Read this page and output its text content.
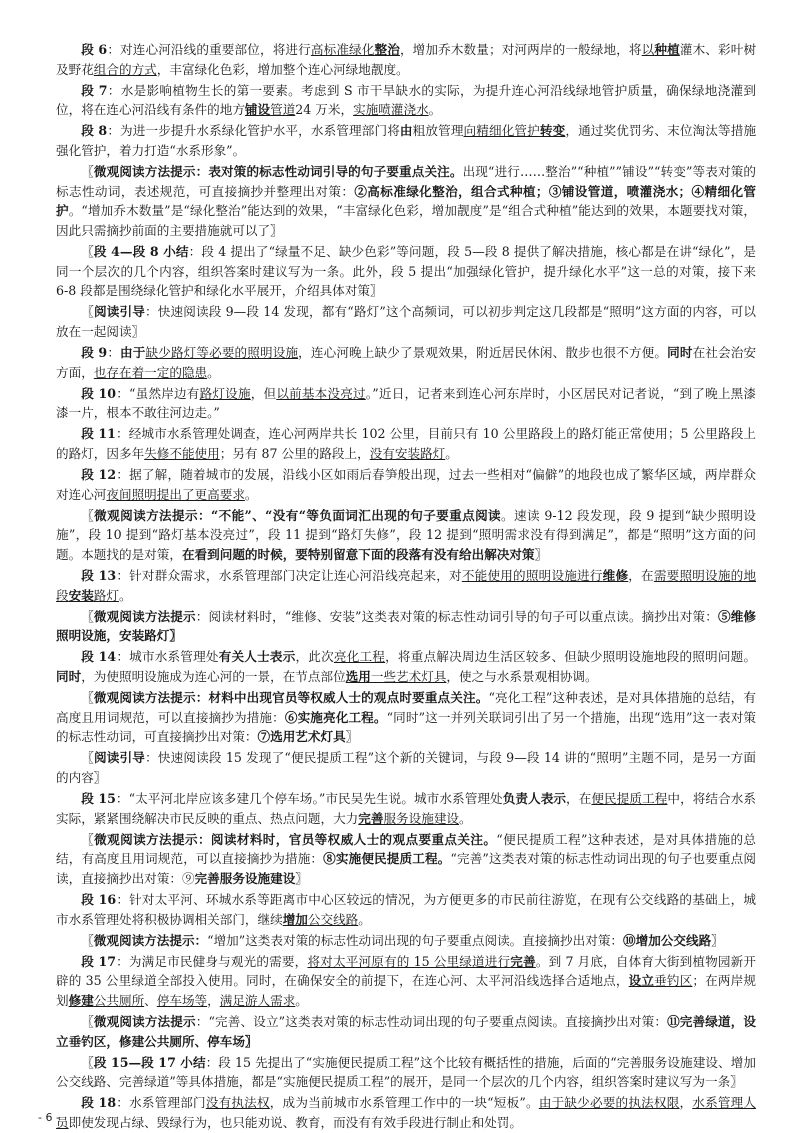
段 6：对连心河沿线的重要部位，将进行高标准绿化整治，增加乔木数量；对河两岸的一般绿地，将以种植灌木、彩叶树及野花组合的方式，丰富绿化色彩，增加整个连心河绿地靓度。

段 7：水是影响植物生长的第一要素。考虑到 S 市干旱缺水的实际，为提升连心河沿线绿地管护质量，确保绿地浇灌到位，将在连心河沿线有条件的地方铺设管道24 万米，实施喷灌浇水。

段 8：为进一步提升水系绿化管护水平，水系管理部门将由粗放管理向精细化管护转变，通过奖优罚劣、末位淘汰等措施强化管护，着力打造“水系形象”。

〖微观阅读方法提示：表对策的标志性动词引导的句子要重点关注。出现“进行……整治”“种植””铺设”“转变”等表对策的标志性动词，表述规范，可直接摘抄并整理出对策：②高标准绿化整治，组合式种植；③铺设管道，喷灌浇水；④精细化管护。“增加乔木数量”是“绿化整治”能达到的效果，“丰富绿化色彩，增加靓度”是“组合式种植”能达到的效果，本题要找对策，因此只需摘抄前面的主要措施就可以了〗

〖段 4—段 8 小结：段 4 提出了“绿量不足、缺少色彩”等问题，段 5—段 8 提供了解决措施，核心都是在讲“绿化”，是同一个层次的几个内容，组织答案时建议写为一条。此外，段 5 提出“加强绿化管护，提升绿化水平”这一总的对策，接下来 6-8 段都是围绕绿化管护和绿化水平展开，介绍具体对策〗

〖阅读引导：快速阅读段 9—段 14 发现，都有“路灯”这个高频词，可以初步判定这几段都是“照明”这方面的内容，可以放在一起阅读〗

段 9：由于缺少路灯等必要的照明设施，连心河晚上缺少了景观效果，附近居民休闲、散步也很不方便。同时在社会治安方面，也存在着一定的隐患。

段 10：“虽然岸边有路灯设施，但以前基本没亮过。”近日，记者来到连心河东岸时，小区居民对记者说，“到了晚上黑漆漆一片，根本不敢往河边走。”

段 11：经城市水系管理处调查，连心河两岸共长 102 公里，目前只有 10 公里路段上的路灯能正常使用；5 公里路段上的路灯，因多年失修不能使用；另有 87 公里的路段上，没有安装路灯。

段 12：据了解，随着城市的发展，沿线小区如雨后春笋般出现，过去一些相对“偏僻”的地段也成了繁华区域，两岸群众对连心河夜间照明提出了更高要求。

〖微观阅读方法提示：“不能”、“没有“等负面词汇出现的句子要重点阅读。速读 9-12 段发现，段 9 提到“缺少照明设施”，段 10 提到“路灯基本没亮过”，段 11 提到“路灯失修”，段 12 提到“照明需求没有得到满足”，都是“照明”这方面的问题。本题找的是对策，在看到问题的时候，要特别留意下面的段落有没有给出解决对策〗

段 13：针对群众需求，水系管理部门决定让连心河沿线亮起来，对不能使用的照明设施进行维修，在需要照明设施的地段安装路灯。

〖微观阅读方法提示：阅读材料时，“维修、安装”这类表对策的标志性动词引导的句子可以重点读。摘抄出对策：⑤维修照明设施，安装路灯〗

段 14：城市水系管理处有关人士表示，此次亮化工程，将重点解决周边生活区较多、但缺少照明设施地段的照明问题。同时，为使照明设施成为连心河的一景，在节点部位选用一些艺术灯具，使之与水系景观相协调。

〖微观阅读方法提示：材料中出现官员等权威人士的观点时要重点关注。“亮化工程”这种表述，是对具体措施的总结，有高度且用词规范，可以直接摘抄为措施：⑥实施亮化工程。“同时”这一并列关联词引出了另一个措施，出现“选用”这一表对策的标志性动词，可直接摘抄出对策：⑦选用艺术灯具〗

〖阅读引导：快速阅读段 15 发现了“便民提质工程”这个新的关键词，与段 9—段 14 讲的“照明”主题不同，是另一方面的内容〗

段 15：“太平河北岸应该多建几个停车场。”市民吴先生说。城市水系管理处负责人表示，在便民提质工程中，将结合水系实际，紧紧围绕解决市民反映的重点、热点问题，大力完善服务设施建设。

〖微观阅读方法提示：阅读材料时，官员等权威人士的观点要重点关注。“便民提质工程”这种表述，是对具体措施的总结，有高度且用词规范，可以直接摘抄为措施：⑧实施便民提质工程。“完善”这类表对策的标志性动词出现的句子也要重点阅读，直接摘抄出对策：⑨完善服务设施建设〗

段 16：针对太平河、环城水系等距离市中心区较远的情况，为方便更多的市民前往游览，在现有公交线路的基础上，城市水系管理处将积极协调相关部门，继续增加公交线路。

〖微观阅读方法提示：“增加”这类表对策的标志性动词出现的句子要重点阅读。直接摘抄出对策：⑩增加公交线路〗

段 17：为满足市民健身与观光的需要，将对太平河原有的 15 公里绿道进行完善。到 7 月底，自体育大街到植物园新开辟的 35 公里绿道全部投入使用。同时，在确保安全的前提下，在连心河、太平河沿线选择合适地点，设立垂钓区；在两岸规划修建公共厕所、停车场等，满足游人需求。

〖微观阅读方法提示：“完善、设立”这类表对策的标志性动词出现的句子要重点阅读。直接摘抄出对策：⑪完善绿道，设立垂钓区，修建公共厕所、停车场〗

〖段 15—段 17 小结：段 15 先提出了“实施便民提质工程”这个比较有概括性的措施，后面的“完善服务设施建设、增加公交线路、完善绿道”等具体措施，都是“实施便民提质工程”的展开，是同一个层次的几个内容，组织答案时建议写为一条〗

段 18：水系管理部门没有执法权，成为当前城市水系管理工作中的一块“短板”。由于缺少必要的执法权限，水系管理人员即使发现占绿、毁绿行为，也只能劝说、教育，而没有有效手段进行制止和处罚。

- 6 -
